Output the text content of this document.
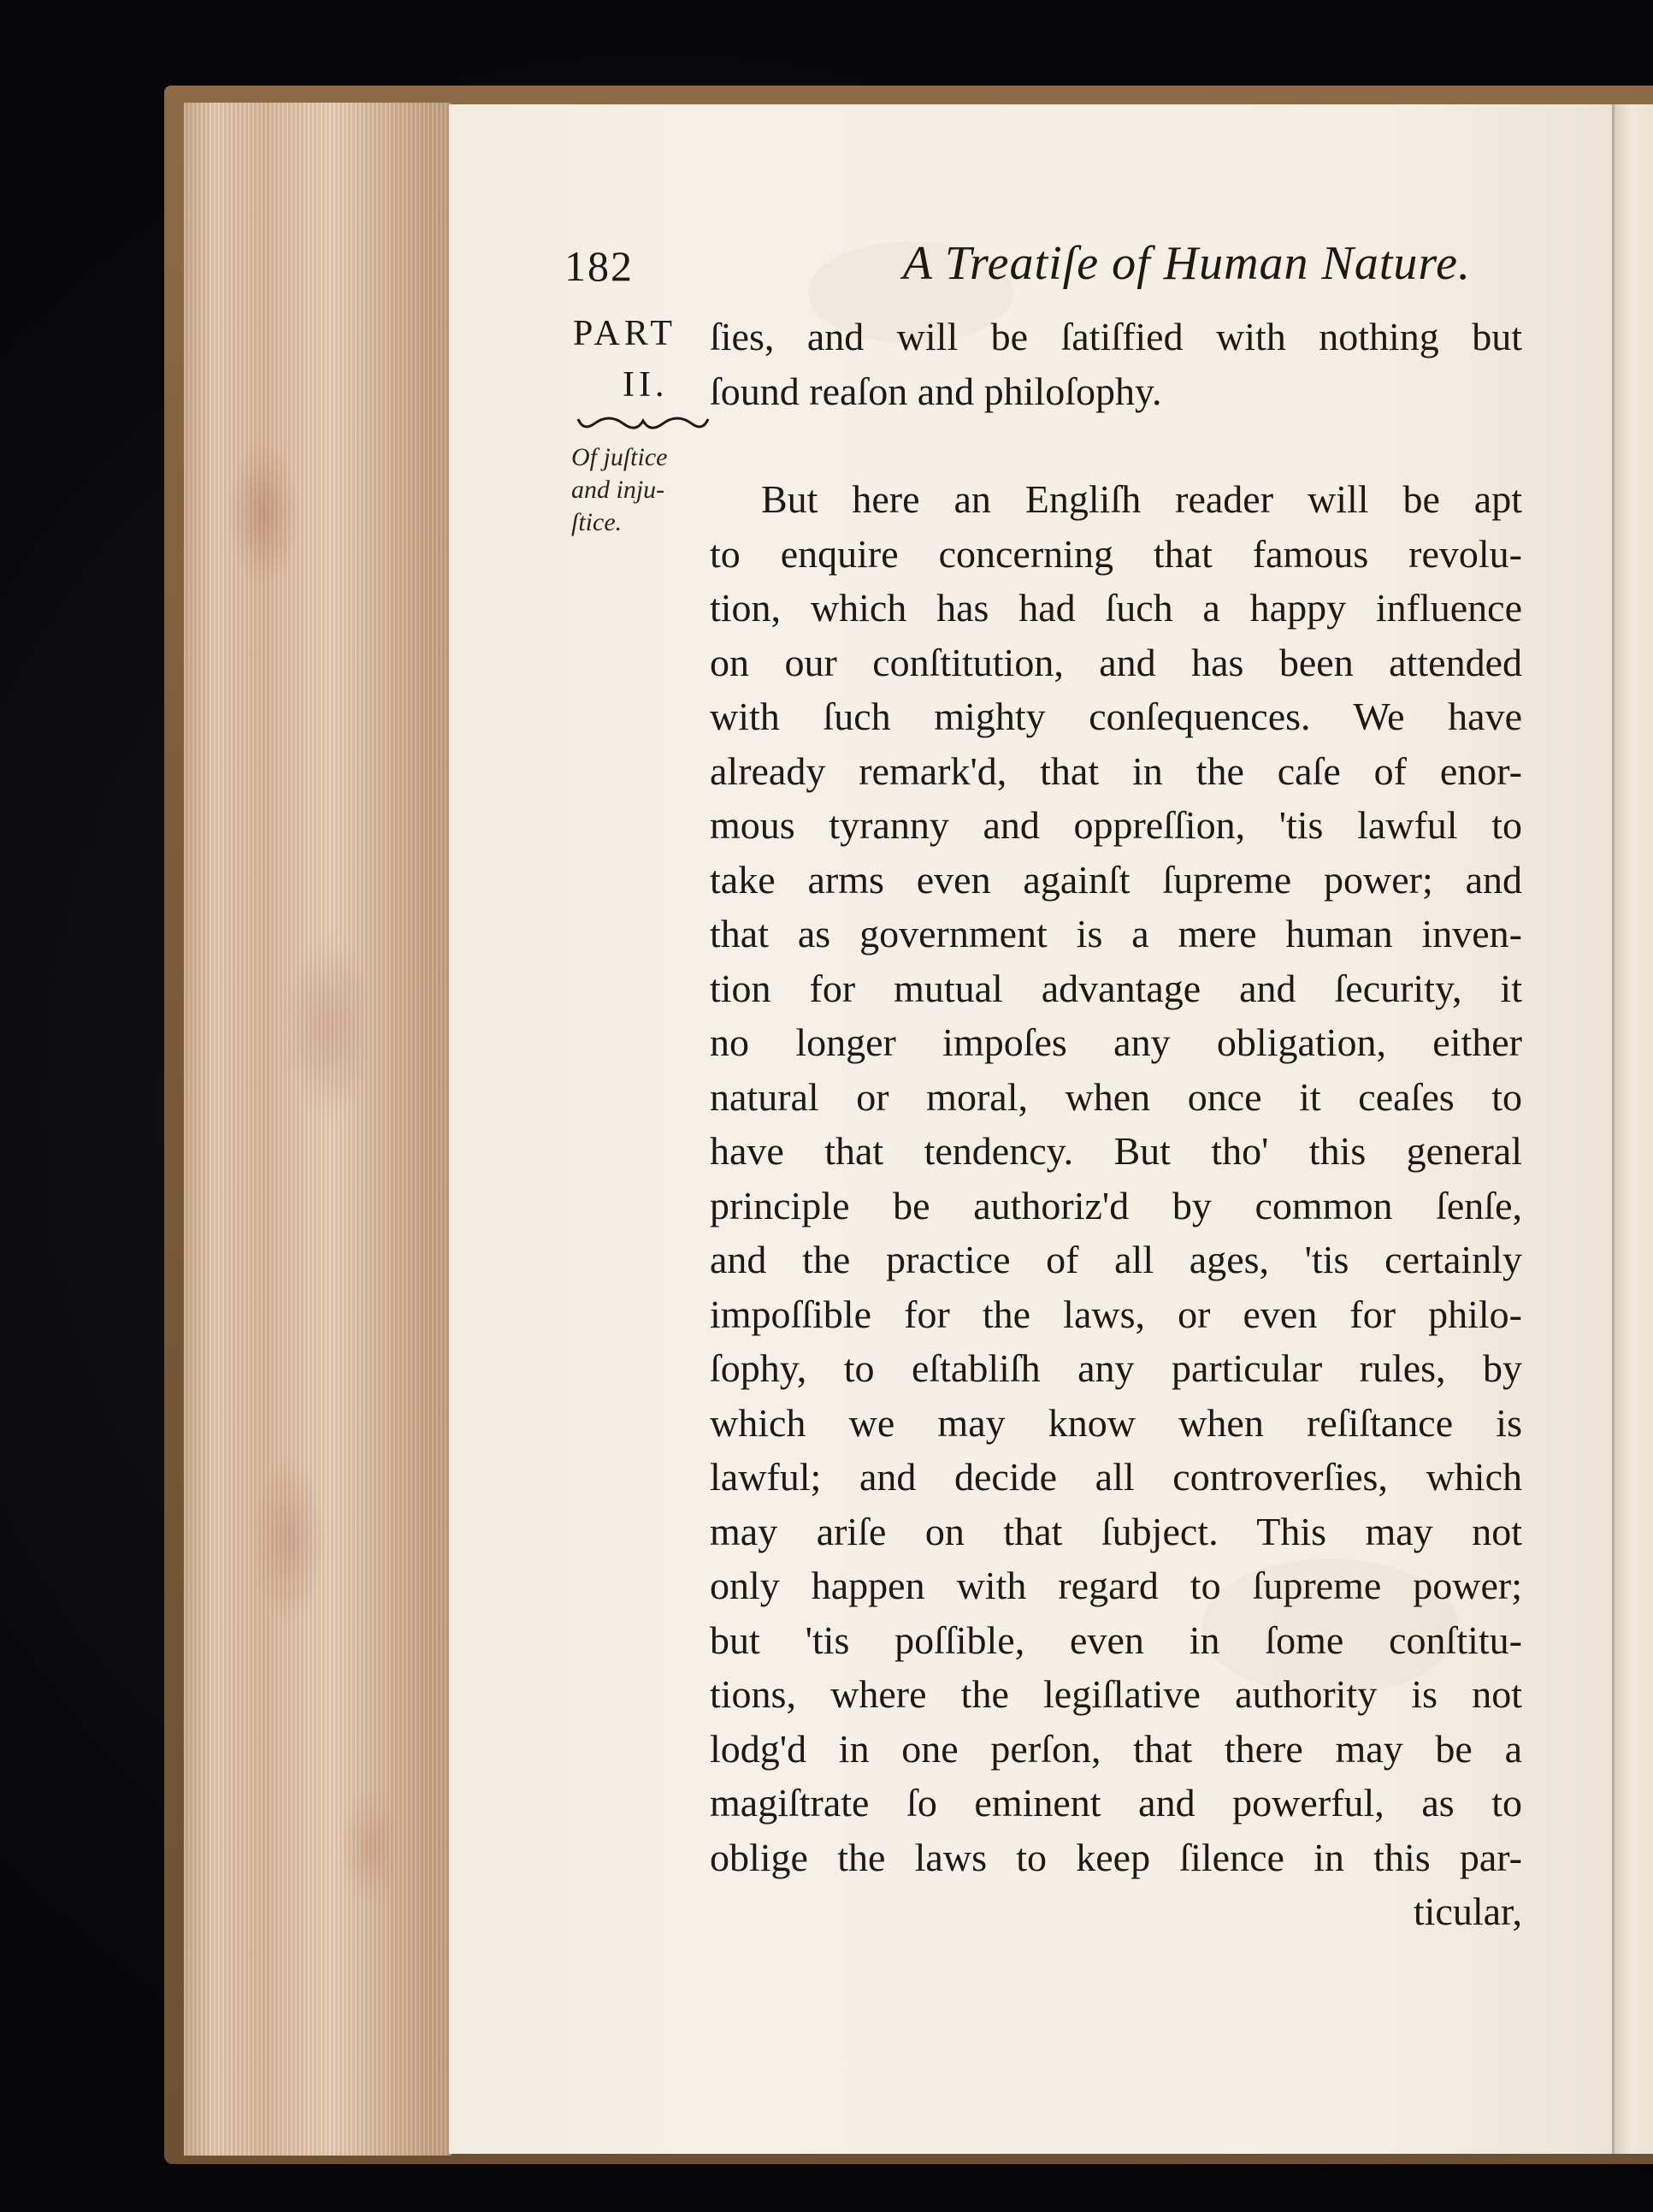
182	A Treatiſe of Human Nature.
PART
II.
Of juſtice
and inju-
ſtice.
ſies, and will be ſatiſfied with nothing but
ſound reaſon and philoſophy.
But here an Engliſh reader will be apt
to enquire concerning that famous revolu-
tion, which has had ſuch a happy influence
on our conſtitution, and has been attended
with ſuch mighty conſequences. We have
already remark'd, that in the caſe of enor-
mous tyranny and oppreſſion, 'tis lawful to
take arms even againſt ſupreme power; and
that as government is a mere human inven-
tion for mutual advantage and ſecurity, it
no longer impoſes any obligation, either
natural or moral, when once it ceaſes to
have that tendency. But tho' this general
principle be authoriz'd by common ſenſe,
and the practice of all ages, 'tis certainly
impoſſible for the laws, or even for philo-
ſophy, to eſtabliſh any particular rules, by
which we may know when reſiſtance is
lawful; and decide all controverſies, which
may ariſe on that ſubject. This may not
only happen with regard to ſupreme power;
but 'tis poſſible, even in ſome conſtitu-
tions, where the legiſlative authority is not
lodg'd in one perſon, that there may be a
magiſtrate ſo eminent and powerful, as to
oblige the laws to keep ſilence in this par-
ticular,
